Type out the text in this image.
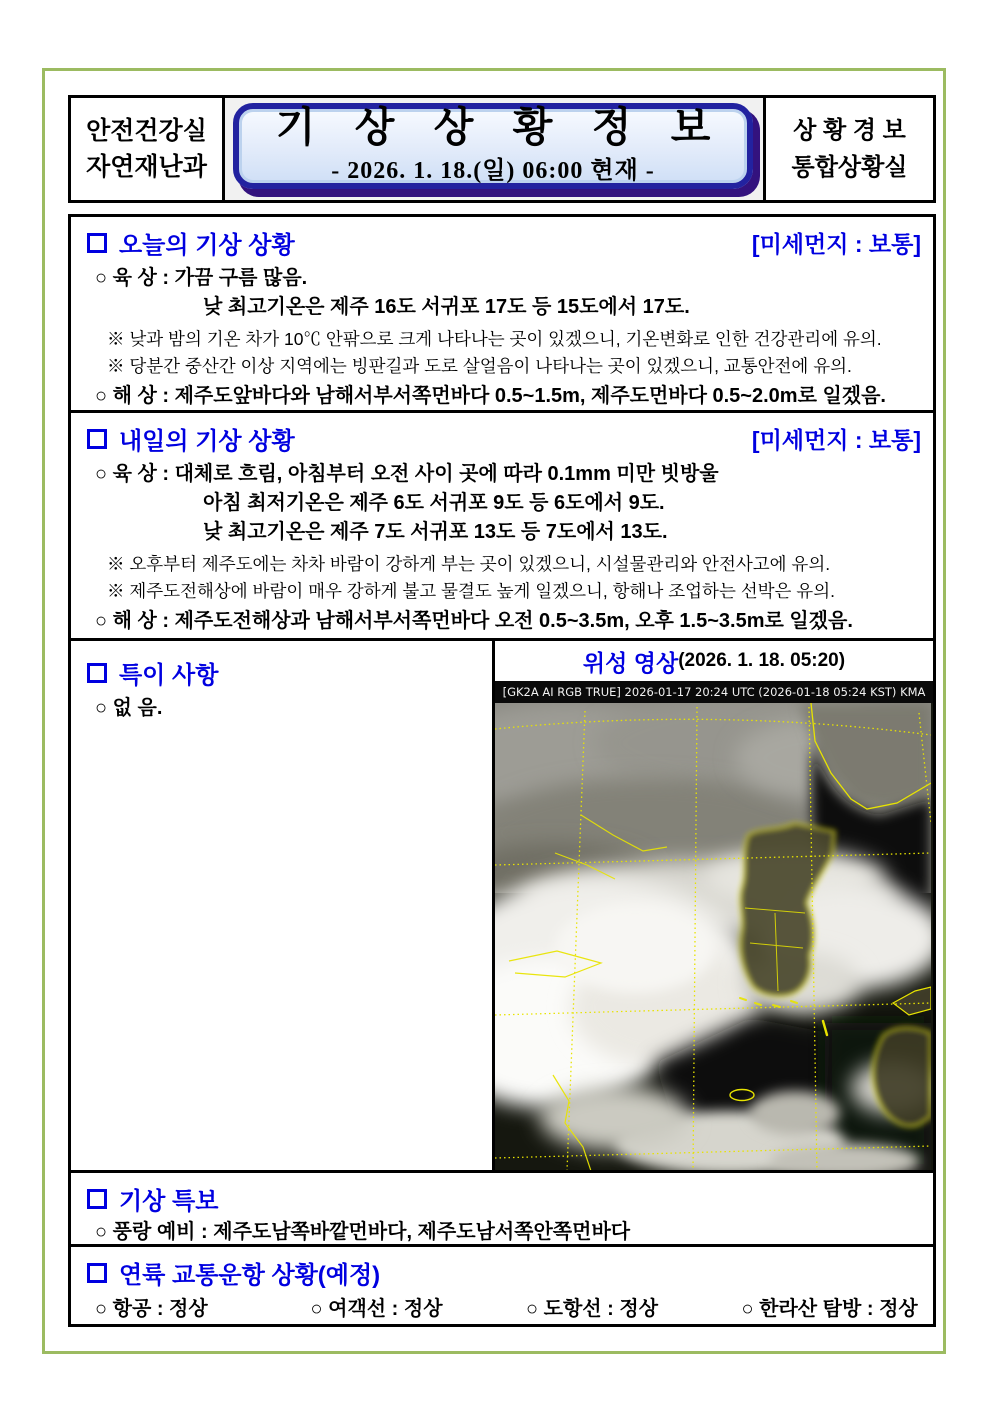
안전건강실
자연재난과
기 상 상 황 정 보
- 2026. 1. 18.(일) 06:00 현재 -
상 황 경 보
통합상황실
오늘의 기상 상황	[미세먼지 : 보통]
○ 육 상 : 가끔 구름 많음.
낮 최고기온은 제주 16도 서귀포 17도 등 15도에서 17도.
※ 낮과 밤의 기온 차가 10℃ 안팎으로 크게 나타나는 곳이 있겠으니, 기온변화로 인한 건강관리에 유의.
※ 당분간 중산간 이상 지역에는 빙판길과 도로 살얼음이 나타나는 곳이 있겠으니, 교통안전에 유의.
○ 해 상 : 제주도앞바다와 남해서부서쪽먼바다 0.5~1.5m, 제주도먼바다 0.5~2.0m로 일겠음.
내일의 기상 상황	[미세먼지 : 보통]
○ 육 상 : 대체로 흐림, 아침부터 오전 사이 곳에 따라 0.1mm 미만 빗방울
아침 최저기온은 제주 6도 서귀포 9도 등 6도에서 9도.
낮 최고기온은 제주 7도 서귀포 13도 등 7도에서 13도.
※ 오후부터 제주도에는 차차 바람이 강하게 부는 곳이 있겠으니, 시설물관리와 안전사고에 유의.
※ 제주도전해상에 바람이 매우 강하게 불고 물결도 높게 일겠으니, 항해나 조업하는 선박은 유의.
○ 해 상 : 제주도전해상과 남해서부서쪽먼바다 오전 0.5~3.5m, 오후 1.5~3.5m로 일겠음.
특이 사항
○ 없 음.
위성 영상 (2026. 1. 18. 05:20)
[GK2A AI RGB TRUE] 2026-01-17 20:24 UTC (2026-01-18 05:24 KST) KMA
기상 특보
○ 풍랑 예비 : 제주도남쪽바깥먼바다, 제주도남서쪽안쪽먼바다
연륙 교통운항 상황(예정)
○ 항공 : 정상	○ 여객선 : 정상	○ 도항선 : 정상	○ 한라산 탐방 : 정상
